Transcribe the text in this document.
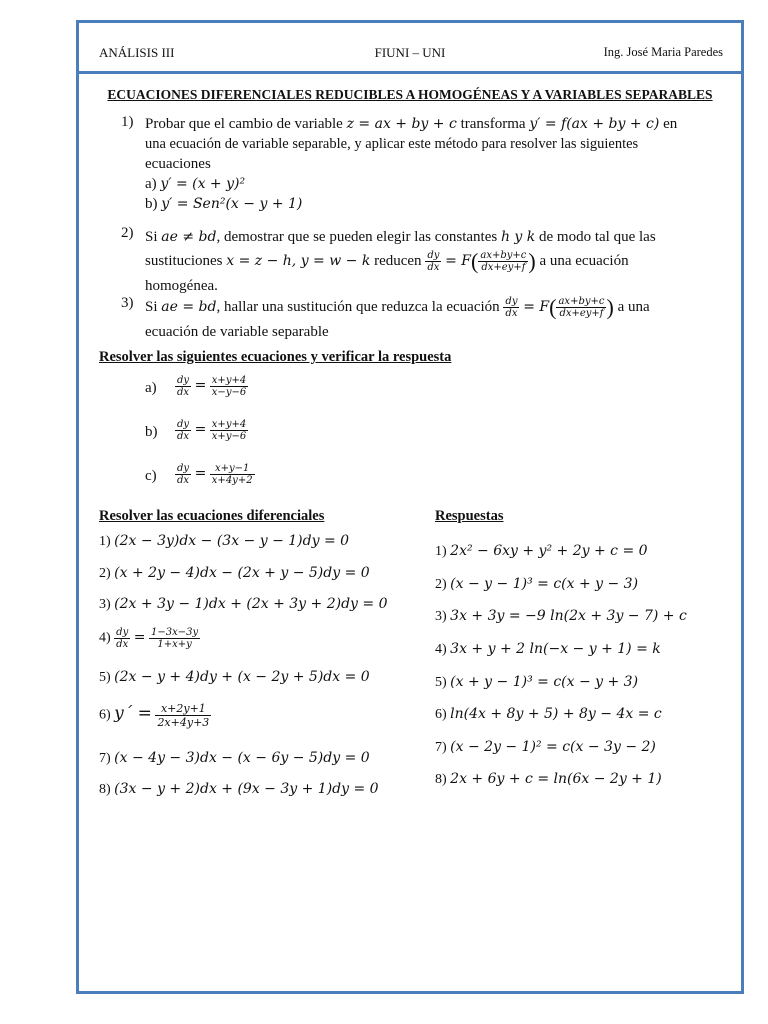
ANÁLISIS III	FIUNI – UNI	Ing. José Maria Paredes
ECUACIONES DIFERENCIALES REDUCIBLES A HOMOGÉNEAS Y A VARIABLES SEPARABLES
1) Probar que el cambio de variable z = ax + by + c transforma y′ = f(ax + by + c) en
una ecuación de variable separable, y aplicar este método para resolver las siguientes
ecuaciones
a) y′ = (x + y)²
b) y′ = Sen²(x − y + 1)
2) Si ae ≠ bd, demostrar que se pueden elegir las constantes h y k de modo tal que las
sustituciones x = z − h, y = w − k reducen $\frac{dy}{dx} = F( \frac{ax+by+c}{dx+ey+f}$ ) a una ecuación
homogénea.
3) Si ae = bd, hallar una sustitución que reduzca la ecuación $\frac{dy}{dx} = F( \frac{ax+by+c}{dx+ey+f}$ ) a una
ecuación de variable separable
Resolver las siguientes ecuaciones y verificar la respuesta
$a) \frac{dy}{dx} = \frac{x+y+4}{x-y-6}$
$b) \frac{dy}{dx} = \frac{x+y+4}{x+y-6}$
$c) \frac{dy}{dx} = \frac{x+y-1}{x+4y+2}$
Resolver las ecuaciones diferenciales
1) (2x − 3y)dx − (3x − y − 1)dy = 0
2) (x + 2y − 4)dx − (2x + y − 5)dy = 0
3) (2x + 3y − 1)dx + (2x + 3y + 2)dy = 0
$4) \frac{dy}{dx} = \frac{1-3x-3y}{1+x+y}$
5) (2x − y + 4)dy + (x − 2y + 5)dx = 0
6) y´ = $\frac{x+2y+1}{2x+4y+3}$
7) (x − 4y − 3)dx − (x − 6y − 5)dy = 0
8) (3x − y + 2)dx + (9x − 3y + 1)dy = 0
Respuestas
1) 2x² − 6xy + y² + 2y + c = 0
2) (x − y − 1)³ = c(x + y − 3)
3) 3x + 3y = −9 ln(2x + 3y − 7) + c
4) 3x + y + 2 ln(−x − y + 1) = k
5) (x + y − 1)³ = c(x − y + 3)
6) ln(4x + 8y + 5) + 8y − 4x = c
7) (x − 2y − 1)² = c(x − 3y − 2)
8) 2x + 6y + c = ln(6x − 2y + 1)
